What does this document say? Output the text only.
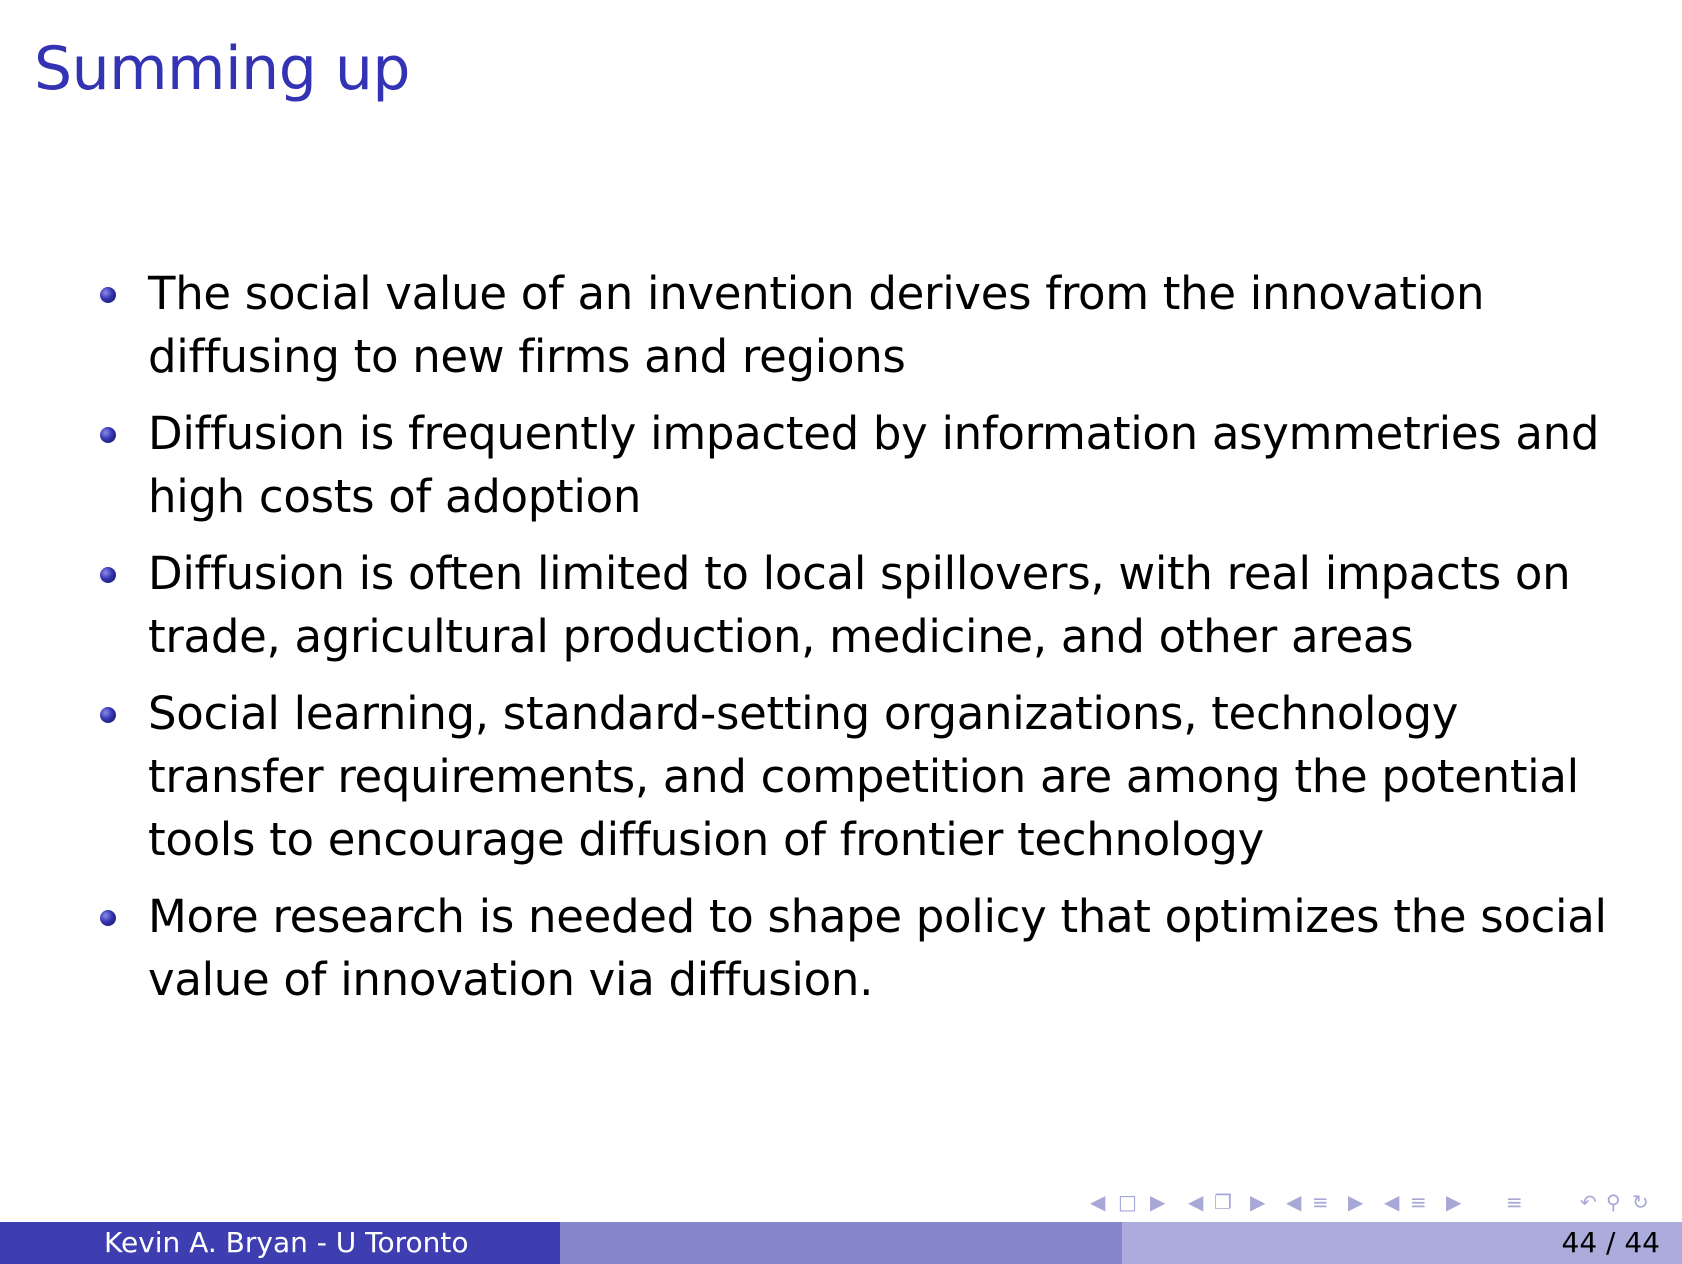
Summing up
The social value of an invention derives from the innovation diffusing to new firms and regions
Diffusion is frequently impacted by information asymmetries and high costs of adoption
Diffusion is often limited to local spillovers, with real impacts on trade, agricultural production, medicine, and other areas
Social learning, standard-setting organizations, technology transfer requirements, and competition are among the potential tools to encourage diffusion of frontier technology
More research is needed to shape policy that optimizes the social value of innovation via diffusion.
◀ □ ▶ ◀ ❐ ▶ ◀ ≡ ▶ ◀ ≡ ▶ ≡	↶ ⚲ ↻
Kevin A. Bryan - U Toronto	44 / 44
